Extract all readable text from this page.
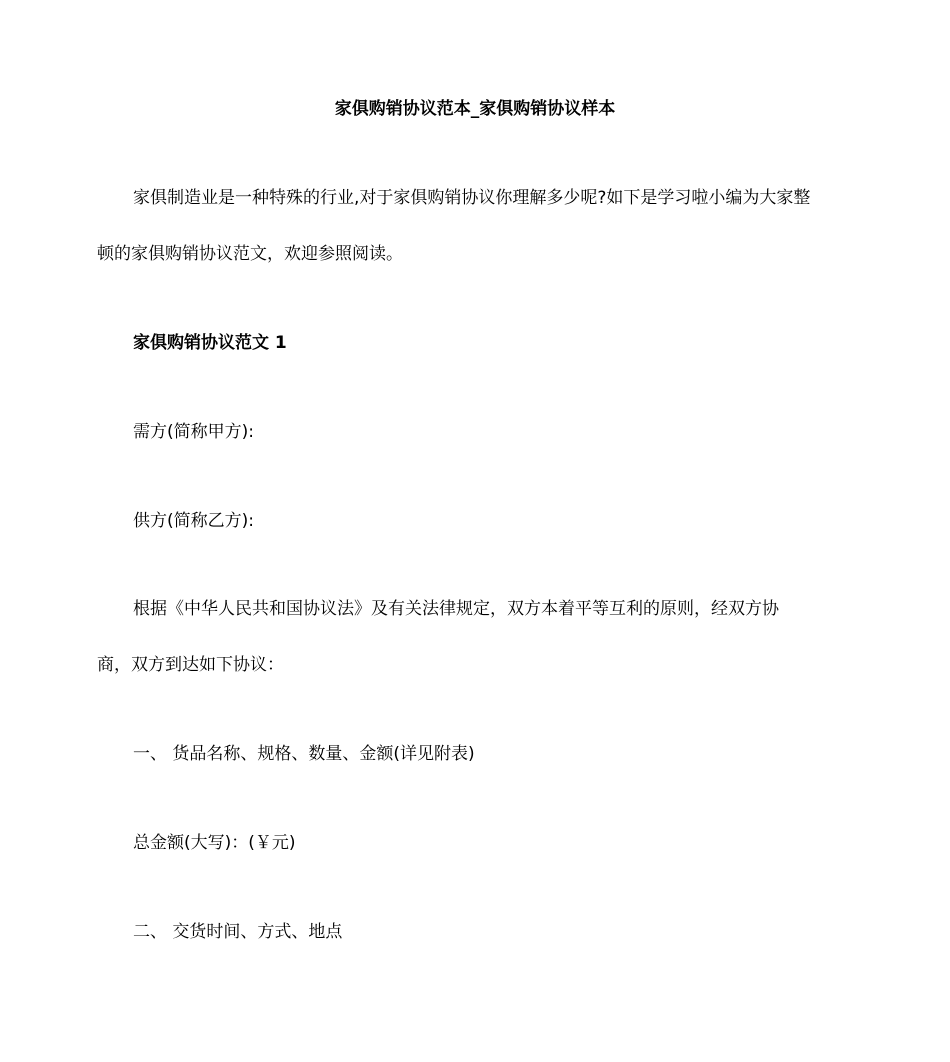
家俱购销协议范本_家俱购销协议样本

家俱制造业是一种特殊的行业,对于家俱购销协议你理解多少呢?如下是学习啦小编为大家整
顿的家俱购销协议范文，欢迎参照阅读。

家俱购销协议范文 1

需方(简称甲方):

供方(简称乙方):

根据《中华人民共和国协议法》及有关法律规定，双方本着平等互利的原则，经双方协
商，双方到达如下协议：

一、 货品名称、规格、数量、金额(详见附表)

总金额(大写)：(￥元)

二、 交货时间、方式、地点
